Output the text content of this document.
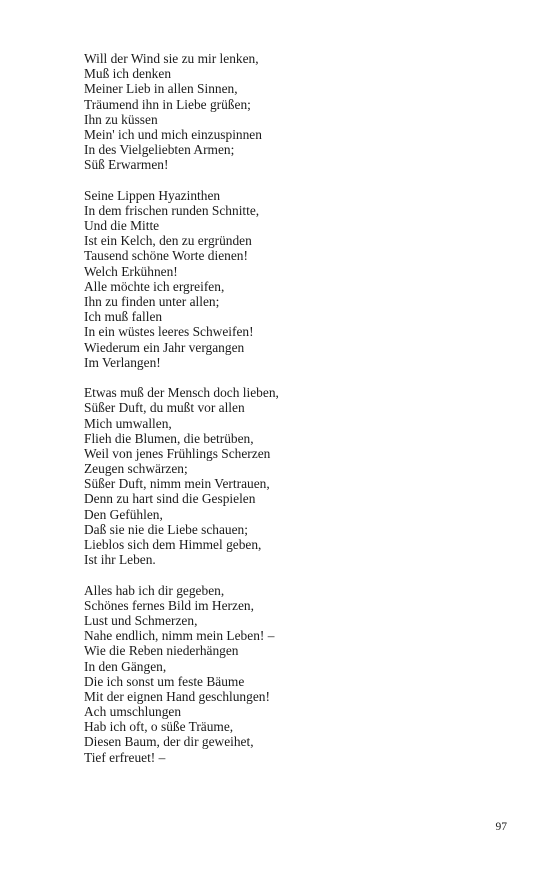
Will der Wind sie zu mir lenken,
Muß ich denken
Meiner Lieb in allen Sinnen,
Träumend ihn in Liebe grüßen;
Ihn zu küssen
Mein' ich und mich einzuspinnen
In des Vielgeliebten Armen;
Süß Erwarmen!
Seine Lippen Hyazinthen
In dem frischen runden Schnitte,
Und die Mitte
Ist ein Kelch, den zu ergründen
Tausend schöne Worte dienen!
Welch Erkühnen!
Alle möchte ich ergreifen,
Ihn zu finden unter allen;
Ich muß fallen
In ein wüstes leeres Schweifen!
Wiederum ein Jahr vergangen
Im Verlangen!
Etwas muß der Mensch doch lieben,
Süßer Duft, du mußt vor allen
Mich umwallen,
Flieh die Blumen, die betrüben,
Weil von jenes Frühlings Scherzen
Zeugen schwärzen;
Süßer Duft, nimm mein Vertrauen,
Denn zu hart sind die Gespielen
Den Gefühlen,
Daß sie nie die Liebe schauen;
Lieblos sich dem Himmel geben,
Ist ihr Leben.
Alles hab ich dir gegeben,
Schönes fernes Bild im Herzen,
Lust und Schmerzen,
Nahe endlich, nimm mein Leben! –
Wie die Reben niederhängen
In den Gängen,
Die ich sonst um feste Bäume
Mit der eignen Hand geschlungen!
Ach umschlungen
Hab ich oft, o süße Träume,
Diesen Baum, der dir geweihet,
Tief erfreuet! –
97
